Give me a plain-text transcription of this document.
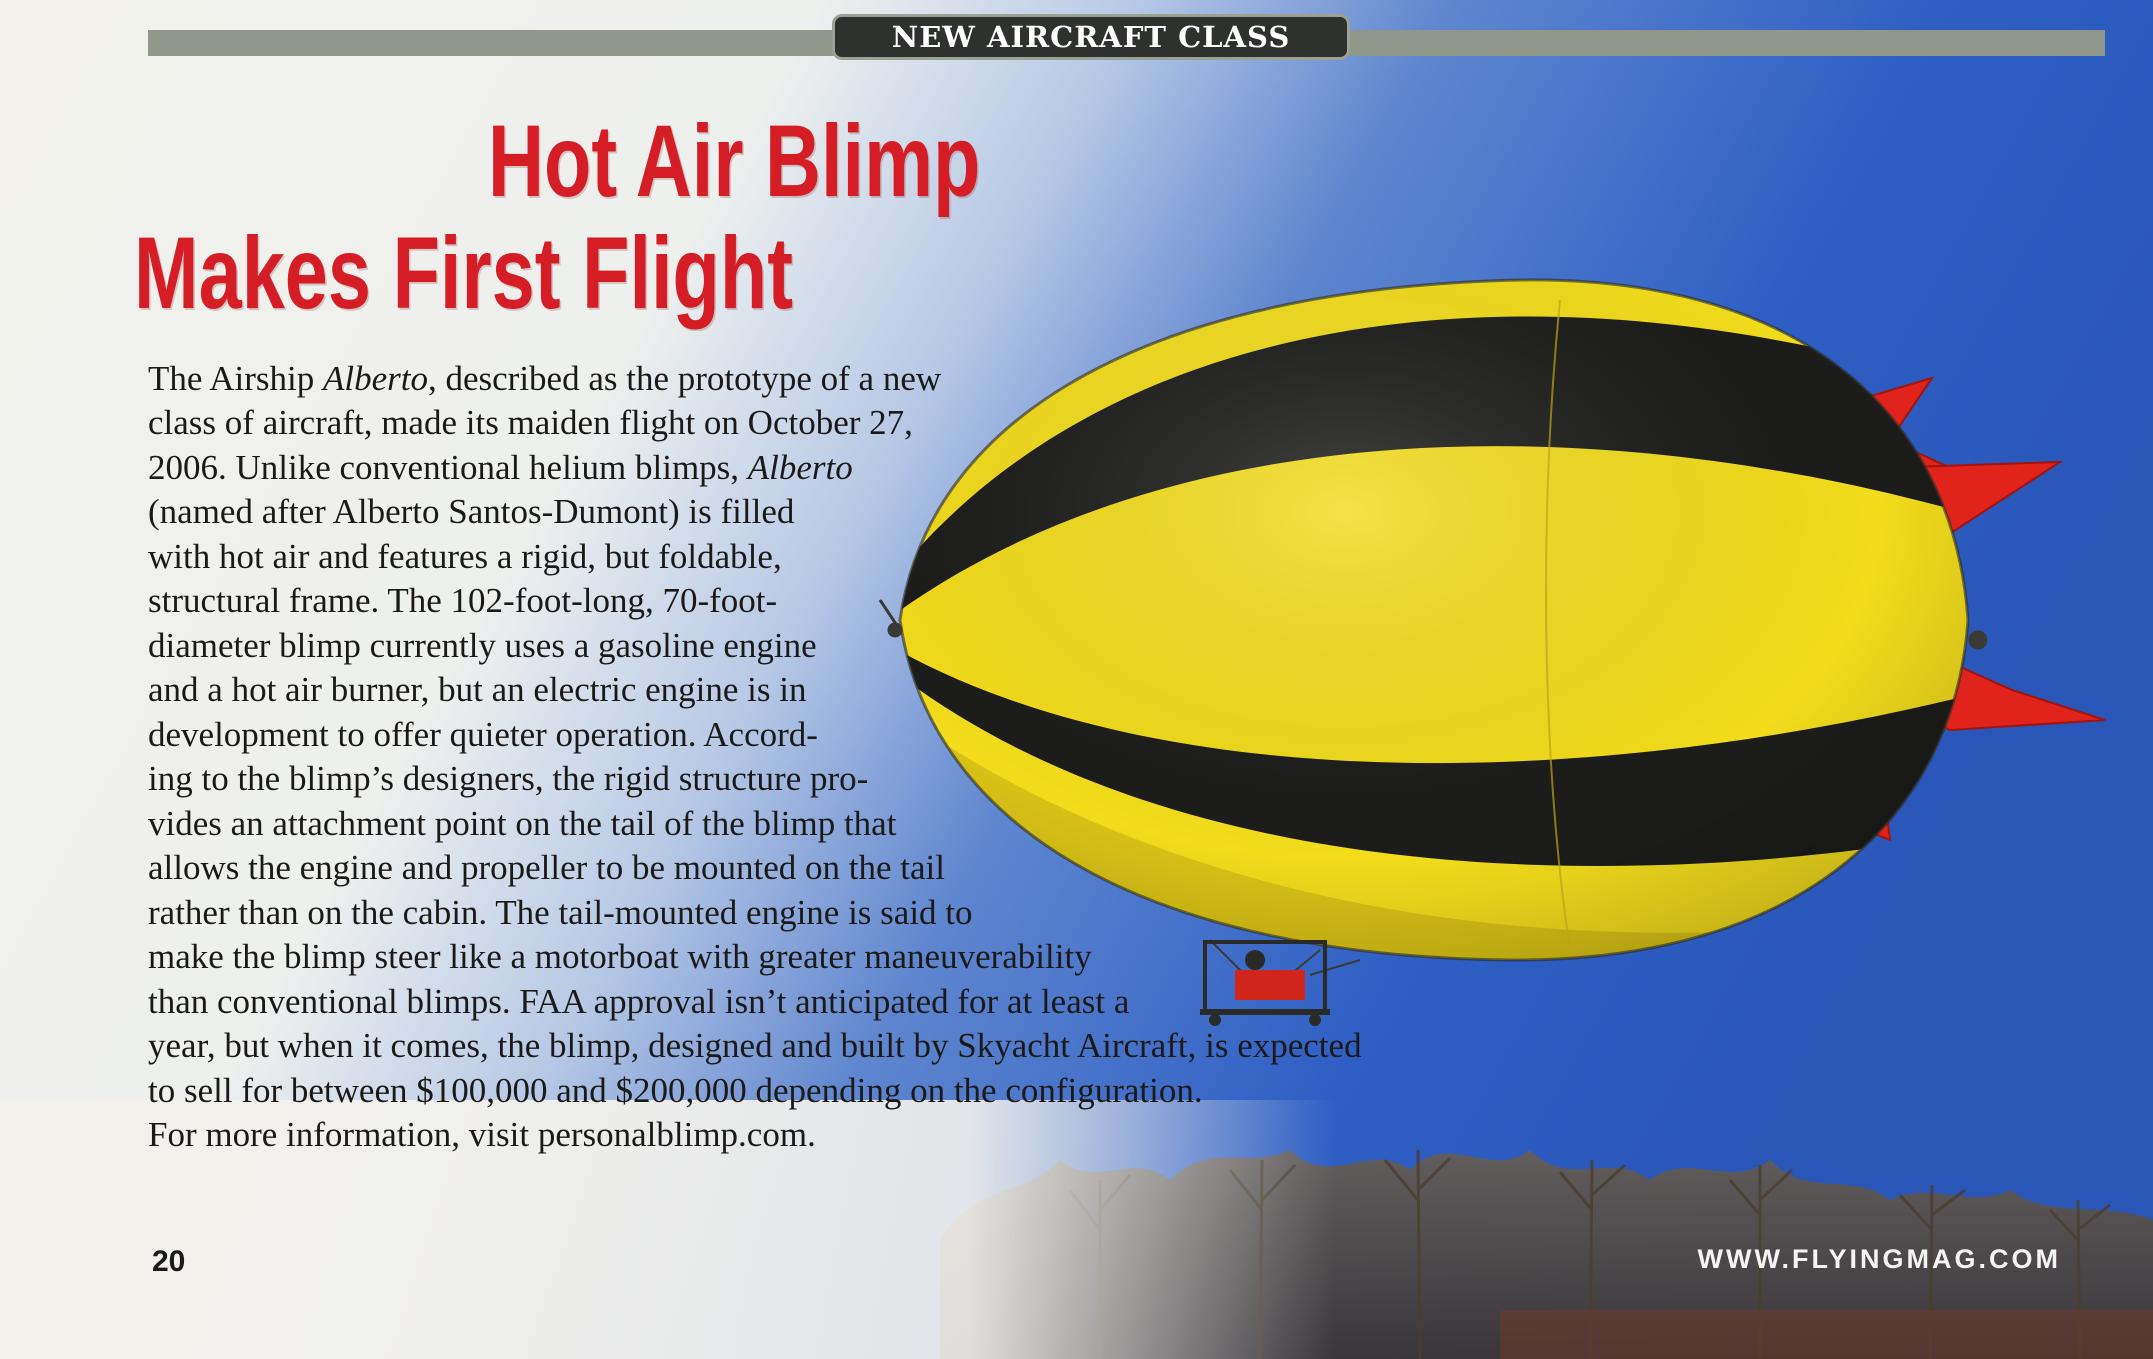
NEW AIRCRAFT CLASS
Hot Air Blimp
Makes First Flight

The Airship Alberto, described as the prototype of a new

class of aircraft, made its maiden flight on October 27,

2006. Unlike conventional helium blimps, Alberto

(named after Alberto Santos-Dumont) is filled

with hot air and features a rigid, but foldable,

structural frame. The 102-foot-long, 70-foot-

diameter blimp currently uses a gasoline engine

and a hot air burner, but an electric engine is in

development to offer quieter operation. Accord-

ing to the blimp’s designers, the rigid structure pro-

vides an attachment point on the tail of the blimp that

allows the engine and propeller to be mounted on the tail

rather than on the cabin. The tail-mounted engine is said to

make the blimp steer like a motorboat with greater maneuverability

than conventional blimps. FAA approval isn’t anticipated for at least a

year, but when it comes, the blimp, designed and built by Skyacht Aircraft, is expected

to sell for between $100,000 and $200,000 depending on the configuration.

For more information, visit personalblimp.com.

20	WWW.FLYINGMAG.COM
